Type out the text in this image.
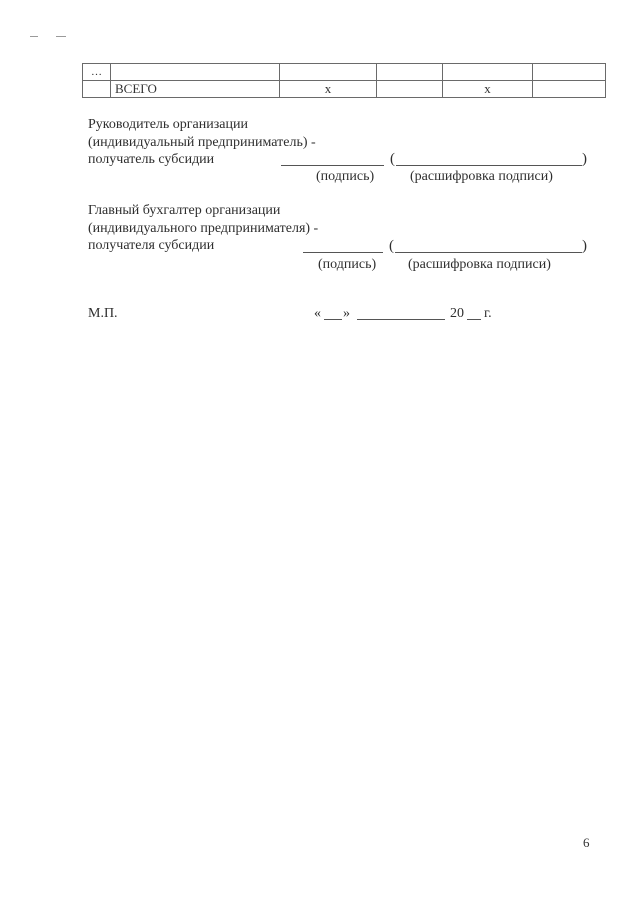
…					
	ВСЕГО	x		x	
Руководитель организации
(индивидуальный предприниматель) -
получатель субсидии	(	)
(подпись)	(расшифровка подписи)
Главный бухгалтер организации
(индивидуального предпринимателя) -
получателя субсидии	(	)
(подпись) (расшифровка подписи)
М.П.	« »	20 г.
6
